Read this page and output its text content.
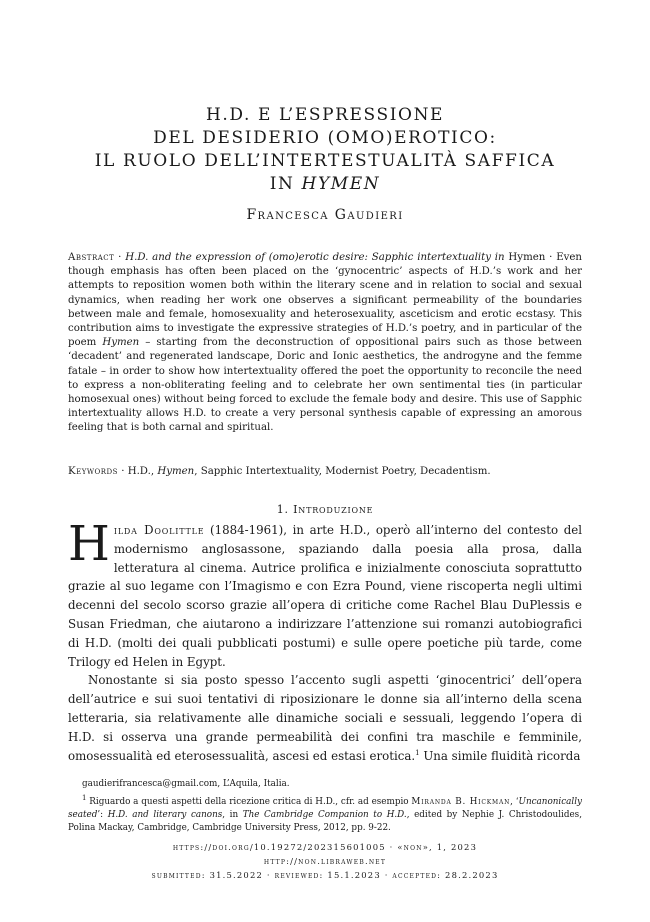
H.D. E L’ESPRESSIONE
DEL DESIDERIO (OMO)EROTICO:
IL RUOLO DELL’INTERTESTUALITÀ SAFFICA
IN HYMEN
Francesca Gaudieri
Abstract · H.D. and the expression of (omo)erotic desire: Sapphic intertextuality in Hymen · Even though emphasis has often been placed on the ‘gynocentric’ aspects of H.D.’s work and her attempts to reposition women both within the literary scene and in relation to social and sexual dynamics, when reading her work one observes a significant permeability of the boundaries between male and female, homosexuality and heterosexuality, asceticism and erotic ecstasy. This contribution aims to investigate the expressive strategies of H.D.’s poetry, and in particular of the poem Hymen – starting from the deconstruction of oppositional pairs such as those between ‘decadent’ and regenerated landscape, Doric and Ionic aesthetics, the androgyne and the femme fatale – in order to show how intertextuality offered the poet the opportunity to reconcile the need to express a non-obliterating feeling and to celebrate her own sentimental ties (in particular homosexual ones) without being forced to exclude the female body and desire. This use of Sapphic intertextuality allows H.D. to create a very personal synthesis capable of expressing an amorous feeling that is both carnal and spiritual.
Keywords · H.D., Hymen, Sapphic Intertextuality, Modernist Poetry, Decadentism.
1. Introduzione

Hilda Doolittle (1884-1961), in arte H.D., operò all’interno del contesto del modernismo anglosassone, spaziando dalla poesia alla prosa, dalla letteratura al cinema. Autrice prolifica e inizialmente conosciuta soprattutto grazie al suo legame con l’Imagismo e con Ezra Pound, viene riscoperta negli ultimi decenni del secolo scorso grazie all’opera di critiche come Rachel Blau DuPlessis e Susan Friedman, che aiutarono a indirizzare l’attenzione sui romanzi autobiografici di H.D. (molti dei quali pubblicati postumi) e sulle opere poetiche più tarde, come Trilogy ed Helen in Egypt.

Nonostante si sia posto spesso l’accento sugli aspetti ‘ginocentrici’ dell’opera dell’autrice e sui suoi tentativi di riposizionare le donne sia all’interno della scena letteraria, sia relativamente alle dinamiche sociali e sessuali, leggendo l’opera di H.D. si osserva una grande permeabilità dei confini tra maschile e femminile, omosessualità ed eterosessualità, ascesi ed estasi erotica.$^1$ Una simile fluidità ricorda

gaudierifrancesca@gmail.com, L’Aquila, Italia.
$^1$ Riguardo a questi aspetti della ricezione critica di H.D., cfr. ad esempio Miranda B. Hickman, ‘Uncanonically seated’: H.D. and literary canons, in The Cambridge Companion to H.D., edited by Nephie J. Christodoulides, Polina Mackay, Cambridge, Cambridge University Press, 2012, pp. 9-22.
https://doi.org/10.19272/202315601005 · «non», 1, 2023
http://non.libraweb.net
submitted: 31.5.2022 · reviewed: 15.1.2023 · accepted: 28.2.2023
